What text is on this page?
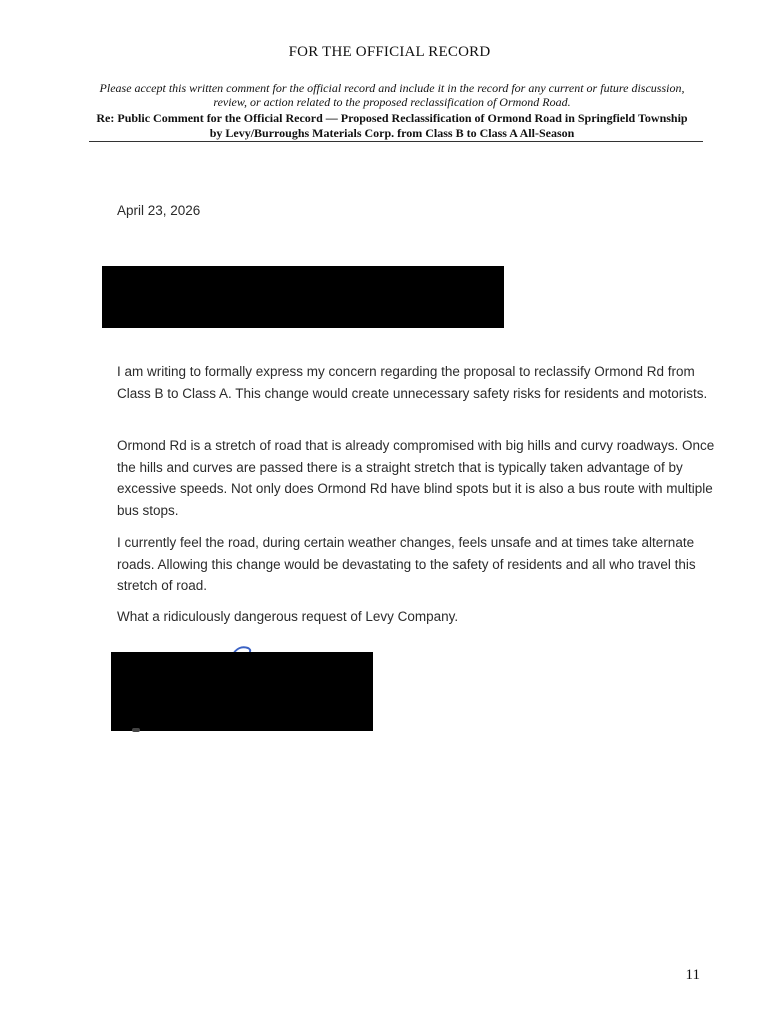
FOR THE OFFICIAL RECORD
Please accept this written comment for the official record and include it in the record for any current or future discussion, review, or action related to the proposed reclassification of Ormond Road.
Re: Public Comment for the Official Record — Proposed Reclassification of Ormond Road in Springfield Township by Levy/Burroughs Materials Corp. from Class B to Class A All-Season
April 23, 2026

I am writing to formally express my concern regarding the proposal to reclassify Ormond Rd from Class B to Class A. This change would create unnecessary safety risks for residents and motorists.

Ormond Rd is a stretch of road that is already compromised with big hills and curvy roadways. Once the hills and curves are passed there is a straight stretch that is typically taken advantage of by excessive speeds. Not only does Ormond Rd have blind spots but it is also a bus route with multiple bus stops.

I currently feel the road, during certain weather changes, feels unsafe and at times take alternate roads. Allowing this change would be devastating to the safety of residents and all who travel this stretch of road.

What a ridiculously dangerous request of Levy Company.

11
